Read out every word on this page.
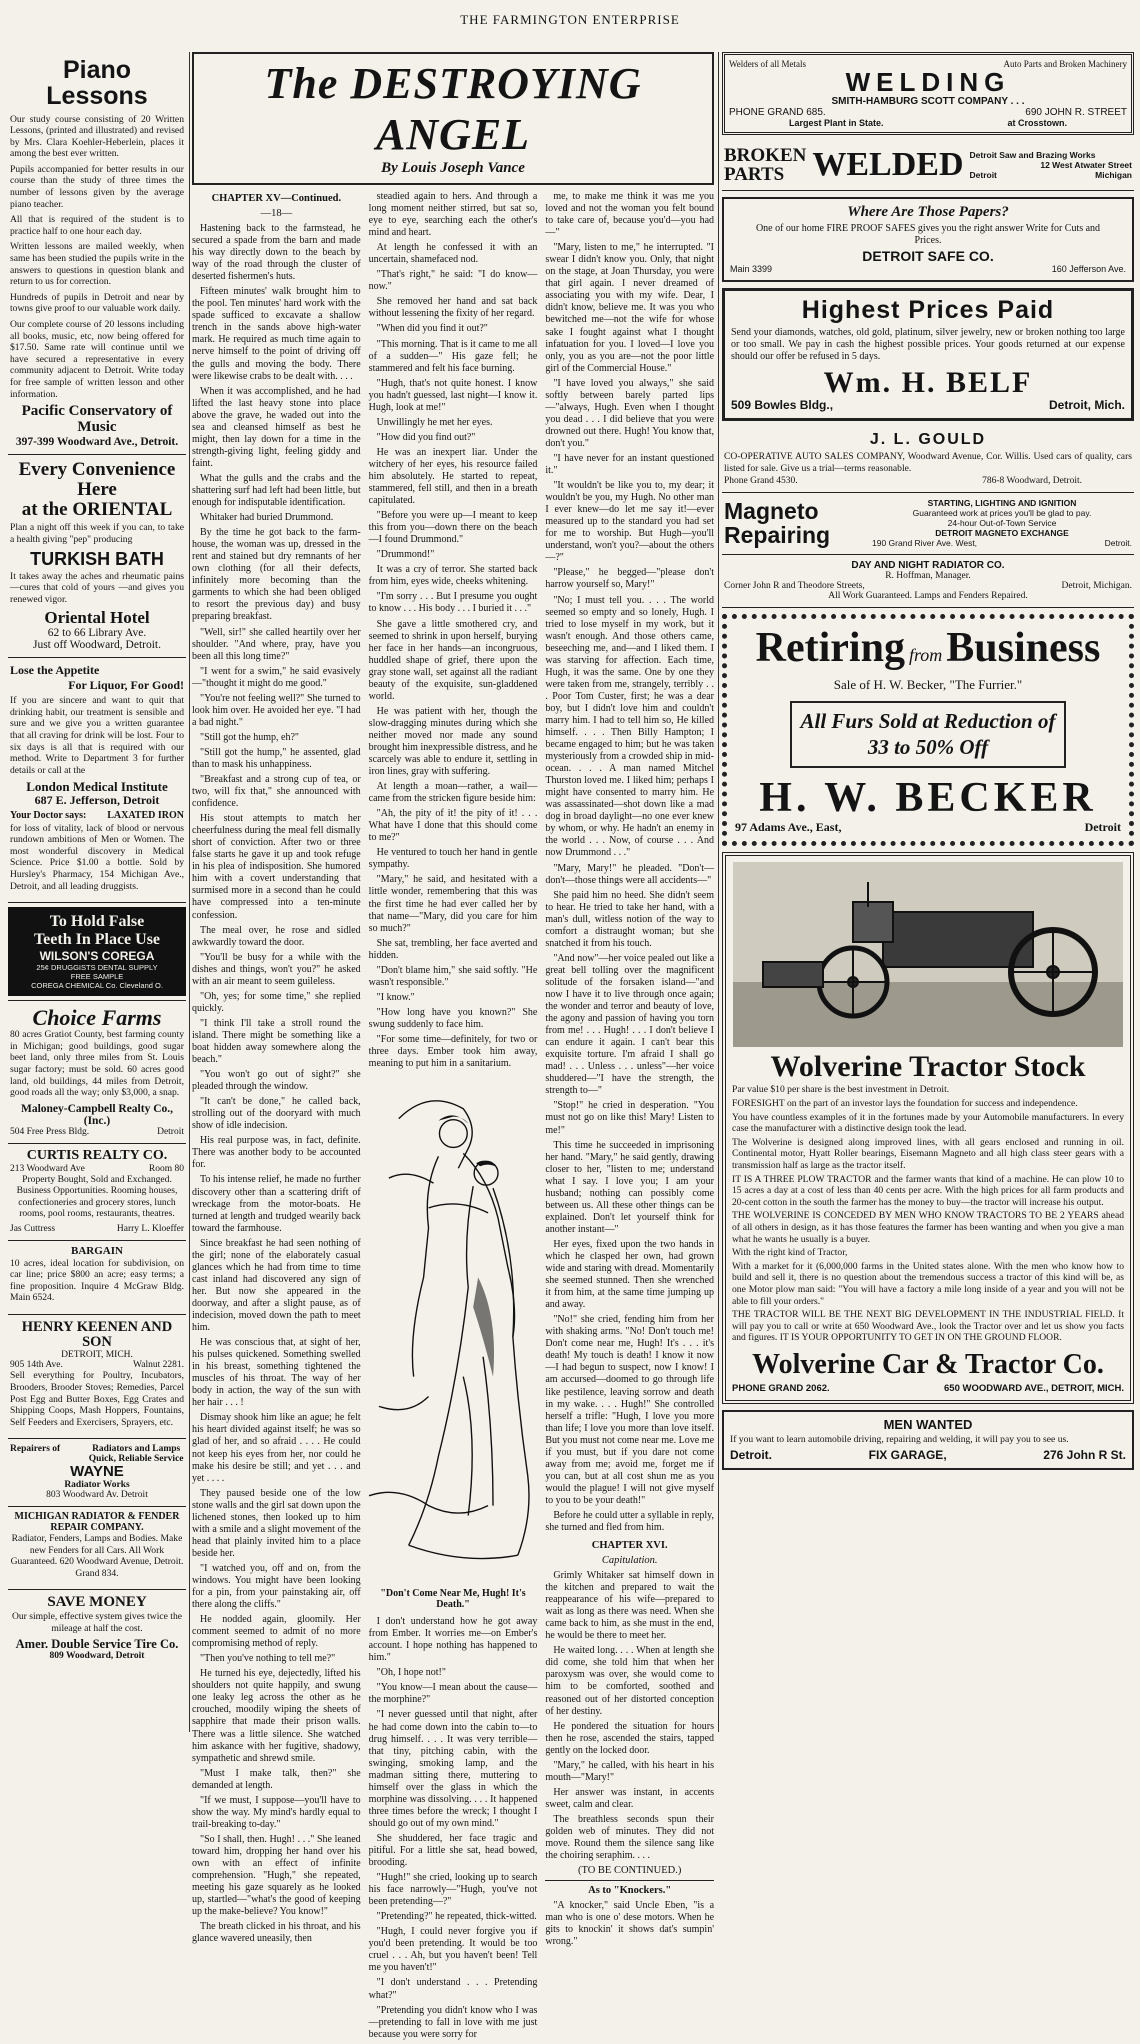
THE FARMINGTON ENTERPRISE
Piano Lessons

Our study course consisting of 20 Written Lessons, (printed and illustrated) and revised by Mrs. Clara Koehler-Heberlein, places it among the best ever written.

Pupils accompanied for better results in our course than the study of three times the number of lessons given by the average piano teacher.

All that is required of the student is to practice half to one hour each day.

Written lessons are mailed weekly, when same has been studied the pupils write in the answers to questions in question blank and return to us for correction.

Hundreds of pupils in Detroit and near by towns give proof to our valuable work daily.

Our complete course of 20 lessons including all books, music, etc, now being offered for $17.50. Same rate will continue until we have secured a representative in every community adjacent to Detroit. Write today for free sample of written lesson and other information.

Pacific Conservatory of Music
397-399 Woodward Ave., Detroit.
Every Convenience
Here
at the ORIENTAL

Plan a night off this week if you can, to take a health giving "pep" producing

TURKISH BATH

It takes away the aches and rheumatic pains—cures that cold of yours —and gives you renewed vigor.

Oriental Hotel
62 to 66 Library Ave.
Just off Woodward, Detroit.
Lose the Appetite
For Liquor, For Good!

If you are sincere and want to quit that drinking habit, our treatment is sensible and sure and we give you a written guarantee that all craving for drink will be lost. Four to six days is all that is required with our method. Write to Department 3 for further details or call at the

London Medical Institute
687 E. Jefferson, Detroit
Your Doctor says: LAXATED IRON

for loss of vitality, lack of blood or nervous rundown ambitions of Men or Women. The most wonderful discovery in Medical Science. Price $1.00 a bottle. Sold by Hursley's Pharmacy, 154 Michigan Ave., Detroit, and all leading druggists.

To Hold False
Teeth In Place Use
WILSON'S COREGA
25¢ DRUGGISTS DENTAL SUPPLY
FREE SAMPLE
COREGA CHEMICAL Co. Cleveland O.
Choice Farms

80 acres Gratiot County, best farming county in Michigan; good buildings, good sugar beet land, only three miles from St. Louis sugar factory; must be sold. 60 acres good land, old buildings, 44 miles from Detroit, good roads all the way; only $3,000, a snap.

Maloney-Campbell Realty Co., (Inc.)
504 Free Press Bldg.	Detroit
CURTIS REALTY CO.
213 Woodward Ave	Room 80

Property Bought, Sold and Exchanged. Business Opportunities. Rooming houses, confectioneries and grocery stores, lunch rooms, pool rooms, restaurants, theatres.

Jas Cuttress	Harry L. Kloeffer
BARGAIN

10 acres, ideal location for subdivision, on car line; price $800 an acre; easy terms; a fine proposition. Inquire 4 McGraw Bldg. Main 6524.

HENRY KEENEN AND SON
DETROIT, MICH.
905 14th Ave.	Walnut 2281.

Sell everything for Poultry, Incubators, Brooders, Brooder Stoves; Remedies, Parcel Post Egg and Butter Boxes, Egg Crates and Shipping Coops, Mash Hoppers, Fountains, Self Feeders and Exercisers, Sprayers, etc.

Repairers of	Radiators and Lamps Quick, Reliable Service
WAYNE
Radiator Works
803 Woodward Av. Detroit
MICHIGAN RADIATOR & FENDER REPAIR COMPANY.

Radiator, Fenders, Lamps and Bodies. Make new Fenders for all Cars. All Work Guaranteed. 620 Woodward Avenue, Detroit. Grand 834.

SAVE MONEY

Our simple, effective system gives twice the mileage at half the cost.

Amer. Double Service Tire Co.
809 Woodward, Detroit
The DESTROYING ANGEL
By Louis Joseph Vance
CHAPTER XV—Continued.
—18—

Hastening back to the farmstead, he secured a spade from the barn and made his way directly down to the beach by way of the road through the cluster of deserted fishermen's huts.

Fifteen minutes' walk brought him to the pool. Ten minutes' hard work with the spade sufficed to excavate a shallow trench in the sands above high-water mark. He required as much time again to nerve himself to the point of driving off the gulls and moving the body. There were likewise crabs to be dealt with. . . .

When it was accomplished, and he had lifted the last heavy stone into place above the grave, he waded out into the sea and cleansed himself as best he might, then lay down for a time in the strength-giving light, feeling giddy and faint.

What the gulls and the crabs and the shattering surf had left had been little, but enough for indisputable identification.

Whitaker had buried Drummond.

By the time he got back to the farm-house, the woman was up, dressed in the rent and stained but dry remnants of her own clothing (for all their defects, infinitely more becoming than the garments to which she had been obliged to resort the previous day) and busy preparing breakfast.

"Well, sir!" she called heartily over her shoulder. "And where, pray, have you been all this long time?"

"I went for a swim," he said evasively—"thought it might do me good."

"You're not feeling well?" She turned to look him over. He avoided her eye. "I had a bad night."

"Still got the hump, eh?"

"Still got the hump," he assented, glad than to mask his unhappiness.

"Breakfast and a strong cup of tea, or two, will fix that," she announced with confidence.

His stout attempts to match her cheerfulness during the meal fell dismally short of conviction. After two or three false starts he gave it up and took refuge in his plea of indisposition. She humored him with a covert understanding that surmised more in a second than he could have compressed into a ten-minute confession.

The meal over, he rose and sidled awkwardly toward the door.

"You'll be busy for a while with the dishes and things, won't you?" he asked with an air meant to seem guileless.

"Oh, yes; for some time," she replied quickly.

"I think I'll take a stroll round the island. There might be something like a boat hidden away somewhere along the beach."

"You won't go out of sight?" she pleaded through the window.

"It can't be done," he called back, strolling out of the dooryard with much show of idle indecision.

His real purpose was, in fact, definite. There was another body to be accounted for.

To his intense relief, he made no further discovery other than a scattering drift of wreckage from the motor-boats. He turned at length and trudged wearily back toward the farmhouse.

Since breakfast he had seen nothing of the girl; none of the elaborately casual glances which he had from time to time cast inland had discovered any sign of her. But now she appeared in the doorway, and after a slight pause, as of indecision, moved down the path to meet him.

He was conscious that, at sight of her, his pulses quickened. Something swelled in his breast, something tightened the muscles of his throat. The way of her body in action, the way of the sun with her hair . . . !

Dismay shook him like an ague; he felt his heart divided against itself; he was so glad of her, and so afraid . . . . He could not keep his eyes from her, nor could he make his desire be still; and yet . . . and yet . . . .

They paused beside one of the low stone walls and the girl sat down upon the lichened stones, then looked up to him with a smile and a slight movement of the head that plainly invited him to a place beside her.

"I watched you, off and on, from the windows. You might have been looking for a pin, from your painstaking air, off there along the cliffs."

He nodded again, gloomily. Her comment seemed to admit of no more compromising method of reply.

"Then you've nothing to tell me?"

He turned his eye, dejectedly, lifted his shoulders not quite happily, and swung one leaky leg across the other as he crouched, moodily wiping the sheets of sapphire that made their prison walls. There was a little silence. She watched him askance with her fugitive, shadowy, sympathetic and shrewd smile.

"Must I make talk, then?" she demanded at length.

"If we must, I suppose—you'll have to show the way. My mind's hardly equal to trail-breaking to-day."

"So I shall, then. Hugh! . . ." She leaned toward him, dropping her hand over his own with an effect of infinite comprehension. "Hugh," she repeated, meeting his gaze squarely as he looked up, startled—"what's the good of keeping up the make-believe? You know!"

The breath clicked in his throat, and his glance wavered uneasily, then

steadied again to hers. And through a long moment neither stirred, but sat so, eye to eye, searching each the other's mind and heart.

At length he confessed it with an uncertain, shamefaced nod.

"That's right," he said: "I do know—now."

She removed her hand and sat back without lessening the fixity of her regard.

"When did you find it out?"

"This morning. That is it came to me all of a sudden—" His gaze fell; he stammered and felt his face burning.

"Hugh, that's not quite honest. I know you hadn't guessed, last night—I know it. Hugh, look at me!"

Unwillingly he met her eyes.

"How did you find out?"

He was an inexpert liar. Under the witchery of her eyes, his resource failed him absolutely. He started to repeat, stammered, fell still, and then in a breath capitulated.

"Before you were up—I meant to keep this from you—down there on the beach—I found Drummond."

"Drummond!"

It was a cry of terror. She started back from him, eyes wide, cheeks whitening.

"I'm sorry . . . But I presume you ought to know . . . His body . . . I buried it . . ."

She gave a little smothered cry, and seemed to shrink in upon herself, burying her face in her hands—an incongruous, huddled shape of grief, there upon the gray stone wall, set against all the radiant beauty of the exquisite, sun-gladdened world.

He was patient with her, though the slow-dragging minutes during which she neither moved nor made any sound brought him inexpressible distress, and he scarcely was able to endure it, settling in iron lines, gray with suffering.

At length a moan—rather, a wail—came from the stricken figure beside him:

"Ah, the pity of it! the pity of it! . . . What have I done that this should come to me?"

He ventured to touch her hand in gentle sympathy.

"Mary," he said, and hesitated with a little wonder, remembering that this was the first time he had ever called her by that name—"Mary, did you care for him so much?"

She sat, trembling, her face averted and hidden.

"Don't blame him," she said softly. "He wasn't responsible."

"I know."

"How long have you known?" She swung suddenly to face him.

"For some time—definitely, for two or three days. Ember took him away, meaning to put him in a sanitarium.

"Don't Come Near Me, Hugh! It's Death."

I don't understand how he got away from Ember. It worries me—on Ember's account. I hope nothing has happened to him."

"Oh, I hope not!"

"You know—I mean about the cause—the morphine?"

"I never guessed until that night, after he had come down into the cabin to—to drug himself. . . . It was very terrible—that tiny, pitching cabin, with the swinging, smoking lamp, and the madman sitting there, muttering to himself over the glass in which the morphine was dissolving. . . . It happened three times before the wreck; I thought I should go out of my own mind."

She shuddered, her face tragic and pitiful. For a little she sat, head bowed, brooding.

"Hugh!" she cried, looking up to search his face narrowly—"Hugh, you've not been pretending—?"

"Pretending?" he repeated, thick-witted.

"Hugh, I could never forgive you if you'd been pretending. It would be too cruel . . . Ah, but you haven't been! Tell me you haven't!"

"I don't understand . . . Pretending what?"

"Pretending you didn't know who I was—pretending to fall in love with me just because you were sorry for

me, to make me think it was me you loved and not the woman you felt bound to take care of, because you'd—you had—"

"Mary, listen to me," he interrupted. "I swear I didn't know you. Only, that night on the stage, at Joan Thursday, you were that girl again. I never dreamed of associating you with my wife. Dear, I didn't know, believe me. It was you who bewitched me—not the wife for whose sake I fought against what I thought infatuation for you. I loved—I love you only, you as you are—not the poor little girl of the Commercial House."

"I have loved you always," she said softly between barely parted lips—"always, Hugh. Even when I thought you dead . . . I did believe that you were drowned out there. Hugh! You know that, don't you."

"I have never for an instant questioned it."

"It wouldn't be like you to, my dear; it wouldn't be you, my Hugh. No other man I ever knew—do let me say it!—ever measured up to the standard you had set for me to worship. But Hugh—you'll understand, won't you?—about the others—?"

"Please," he begged—"please don't harrow yourself so, Mary!"

"No; I must tell you. . . . The world seemed so empty and so lonely, Hugh. I tried to lose myself in my work, but it wasn't enough. And those others came, beseeching me, and—and I liked them. I was starving for affection. Each time, Hugh, it was the same. One by one they were taken from me, strangely, terribly . . . Poor Tom Custer, first; he was a dear boy, but I didn't love him and couldn't marry him. I had to tell him so, He killed himself. . . . Then Billy Hampton; I became engaged to him; but he was taken mysteriously from a crowded ship in mid-ocean. . . . A man named Mitchel Thurston loved me. I liked him; perhaps I might have consented to marry him. He was assassinated—shot down like a mad dog in broad daylight—no one ever knew by whom, or why. He hadn't an enemy in the world . . . Now, of course . . . And now Drummond . . ."

"Mary, Mary!" he pleaded. "Don't—don't—those things were all accidents—"

She paid him no heed. She didn't seem to hear. He tried to take her hand, with a man's dull, witless notion of the way to comfort a distraught woman; but she snatched it from his touch.

"And now"—her voice pealed out like a great bell tolling over the magnificent solitude of the forsaken island—"and now I have it to live through once again; the wonder and terror and beauty of love, the agony and passion of having you torn from me! . . . Hugh! . . . I don't believe I can endure it again. I can't bear this exquisite torture. I'm afraid I shall go mad! . . . Unless . . . unless"—her voice shuddered—"I have the strength, the strength to—"

"Stop!" he cried in desperation. "You must not go on like this! Mary! Listen to me!"

This time he succeeded in imprisoning her hand. "Mary," he said gently, drawing closer to her, "listen to me; understand what I say. I love you; I am your husband; nothing can possibly come between us. All these other things can be explained. Don't let yourself think for another instant—"

Her eyes, fixed upon the two hands in which he clasped her own, had grown wide and staring with dread. Momentarily she seemed stunned. Then she wrenched it from him, at the same time jumping up and away.

"No!" she cried, fending him from her with shaking arms. "No! Don't touch me! Don't come near me, Hugh! It's . . . it's death! My touch is death! I know it now—I had begun to suspect, now I know! I am accursed—doomed to go through life like pestilence, leaving sorrow and death in my wake. . . . Hugh!" She controlled herself a trifle: "Hugh, I love you more than life; I love you more than love itself. But you must not come near me. Love me if you must, but if you dare not come away from me; avoid me, forget me if you can, but at all cost shun me as you would the plague! I will not give myself to you to be your death!"

Before he could utter a syllable in reply, she turned and fled from him.

CHAPTER XVI.
Capitulation.

Grimly Whitaker sat himself down in the kitchen and prepared to wait the reappearance of his wife—prepared to wait as long as there was need. When she came back to him, as she must in the end, he would be there to meet her.

He waited long. . . . When at length she did come, she told him that when her paroxysm was over, she would come to him to be comforted, soothed and reasoned out of her distorted conception of her destiny.

He pondered the situation for hours then he rose, ascended the stairs, tapped gently on the locked door.

"Mary," he called, with his heart in his mouth—"Mary!"

Her answer was instant, in accents sweet, calm and clear.

The breathless seconds spun their golden web of minutes. They did not move. Round them the silence sang like the choiring seraphim. . . .

(TO BE CONTINUED.)
As to "Knockers."

"A knocker," said Uncle Eben, "is a man who is one o' dese motors. When he gits to knockin' it shows dat's sumpin' wrong."

Welders of all Metals	Auto Parts and Broken Machinery
WELDING
SMITH-HAMBURG SCOTT COMPANY . . .
PHONE GRAND 685.	690 JOHN R. STREET
Largest Plant in State.	at Crosstown.
BROKEN
PARTS WELDED Detroit Saw and Brazing Works
12 West Atwater Street
Detroit	Michigan
Where Are Those Papers?

One of our home FIRE PROOF SAFES gives you the right answer Write for Cuts and Prices.

DETROIT SAFE CO.
Main 3399	160 Jefferson Ave.
Highest Prices Paid

Send your diamonds, watches, old gold, platinum, silver jewelry, new or broken nothing too large or too small. We pay in cash the highest possible prices. Your goods returned at our expense should our offer be refused in 5 days.

Wm. H. BELF
509 Bowles Bldg.,	Detroit, Mich.
J. L. GOULD

CO-OPERATIVE AUTO SALES COMPANY, Woodward Avenue, Cor. Willis. Used cars of quality, cars listed for sale. Give us a trial—terms reasonable.

Phone Grand 4530.	786-8 Woodward, Detroit.
Magneto
Repairing
STARTING, LIGHTING AND IGNITION
Guaranteed work at prices you'll be glad to pay.
24-hour Out-of-Town Service
DETROIT MAGNETO EXCHANGE
190 Grand River Ave. West,	Detroit.
DAY AND NIGHT RADIATOR CO.
R. Hoffman, Manager.
Corner John R and Theodore Streets,	Detroit, Michigan.
All Work Guaranteed. Lamps and Fenders Repaired.
Retiring from Business
Sale of H. W. Becker, "The Furrier."
All Furs Sold at Reduction of 33 to 50% Off
H. W. BECKER
97 Adams Ave., East,	Detroit
Wolverine Tractor Stock

Par value $10 per share is the best investment in Detroit.

FORESIGHT on the part of an investor lays the foundation for success and independence.

You have countless examples of it in the fortunes made by your Automobile manufacturers. In every case the manufacturer with a distinctive design took the lead.

The Wolverine is designed along improved lines, with all gears enclosed and running in oil. Continental motor, Hyatt Roller bearings, Eisemann Magneto and all high class steer gears with a transmission half as large as the tractor itself.

IT IS A THREE PLOW TRACTOR and the farmer wants that kind of a machine. He can plow 10 to 15 acres a day at a cost of less than 40 cents per acre. With the high prices for all farm products and 20-cent cotton in the south the farmer has the money to buy—the tractor will increase his output.

THE WOLVERINE IS CONCEDED BY MEN WHO KNOW TRACTORS TO BE 2 YEARS ahead of all others in design, as it has those features the farmer has been wanting and when you give a man what he wants he usually is a buyer.

With the right kind of Tractor,

With a market for it (6,000,000 farms in the United states alone. With the men who know how to build and sell it, there is no question about the tremendous success a tractor of this kind will be, as one Motor plow man said: "You will have a factory a mile long inside of a year and you will not be able to fill your orders."

THE TRACTOR WILL BE THE NEXT BIG DEVELOPMENT IN THE INDUSTRIAL FIELD. It will pay you to call or write at 650 Woodward Ave., look the Tractor over and let us show you facts and figures. IT IS YOUR OPPORTUNITY TO GET IN ON THE GROUND FLOOR.

Wolverine Car & Tractor Co.
PHONE GRAND 2062.	650 WOODWARD AVE., DETROIT, MICH.
MEN WANTED

If you want to learn automobile driving, repairing and welding, it will pay you to see us.

Detroit.	FIX GARAGE,	276 John R St.
